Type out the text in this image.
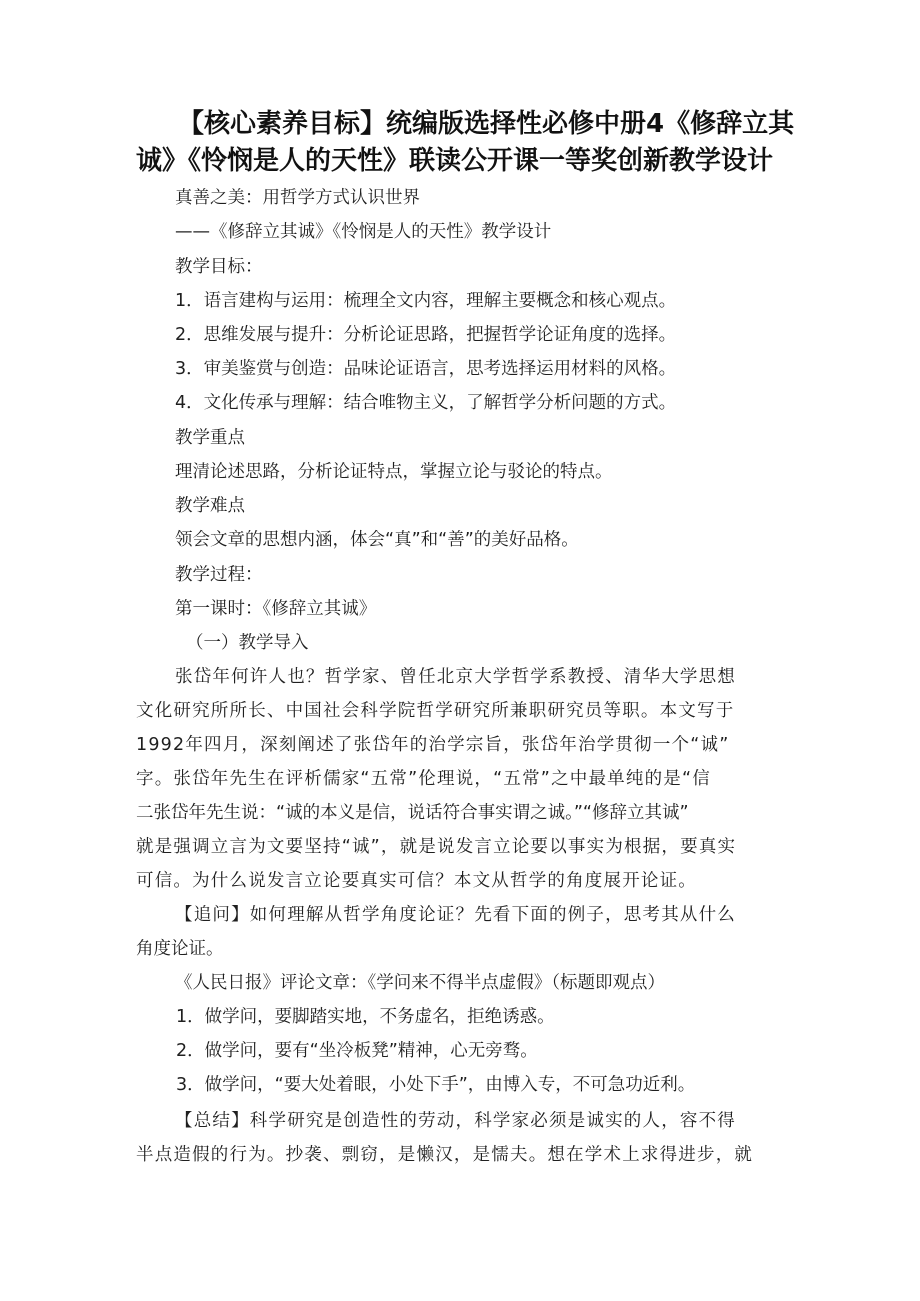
【核心素养目标】统编版选择性必修中册4《修辞立其诚》《怜悯是人的天性》联读公开课一等奖创新教学设计
真善之美：用哲学方式认识世界
——《修辞立其诚》《怜悯是人的天性》教学设计
教学目标：
1．语言建构与运用：梳理全文内容，理解主要概念和核心观点。
2．思维发展与提升：分析论证思路，把握哲学论证角度的选择。
3．审美鉴赏与创造：品味论证语言，思考选择运用材料的风格。
4．文化传承与理解：结合唯物主义，了解哲学分析问题的方式。
教学重点
理清论述思路，分析论证特点，掌握立论与驳论的特点。
教学难点
领会文章的思想内涵，体会“真”和“善”的美好品格。
教学过程：
第一课时：《修辞立其诚》
（一）教学导入
张岱年何许人也？哲学家、曾任北京大学哲学系教授、清华大学思想
文化研究所所长、中国社会科学院哲学研究所兼职研究员等职。本文写于
1992年四月，深刻阐述了张岱年的治学宗旨，张岱年治学贯彻一个“诚”
字。张岱年先生在评析儒家“五常”伦理说，“五常”之中最单纯的是“信
二张岱年先生说：“诚的本义是信，说话符合事实谓之诚。”“修辞立其诚”
就是强调立言为文要坚持“诚”，就是说发言立论要以事实为根据，要真实
可信。为什么说发言立论要真实可信？本文从哲学的角度展开论证。
【追问】如何理解从哲学角度论证？先看下面的例子，思考其从什么
角度论证。
《人民日报》评论文章：《学问来不得半点虚假》（标题即观点）
1．做学问，要脚踏实地，不务虚名，拒绝诱惑。
2．做学问，要有“坐冷板凳”精神，心无旁骛。
3．做学问，“要大处着眼，小处下手”，由博入专，不可急功近利。
【总结】科学研究是创造性的劳动，科学家必须是诚实的人，容不得
半点造假的行为。抄袭、剽窃，是懒汉，是懦夫。想在学术上求得进步，就
